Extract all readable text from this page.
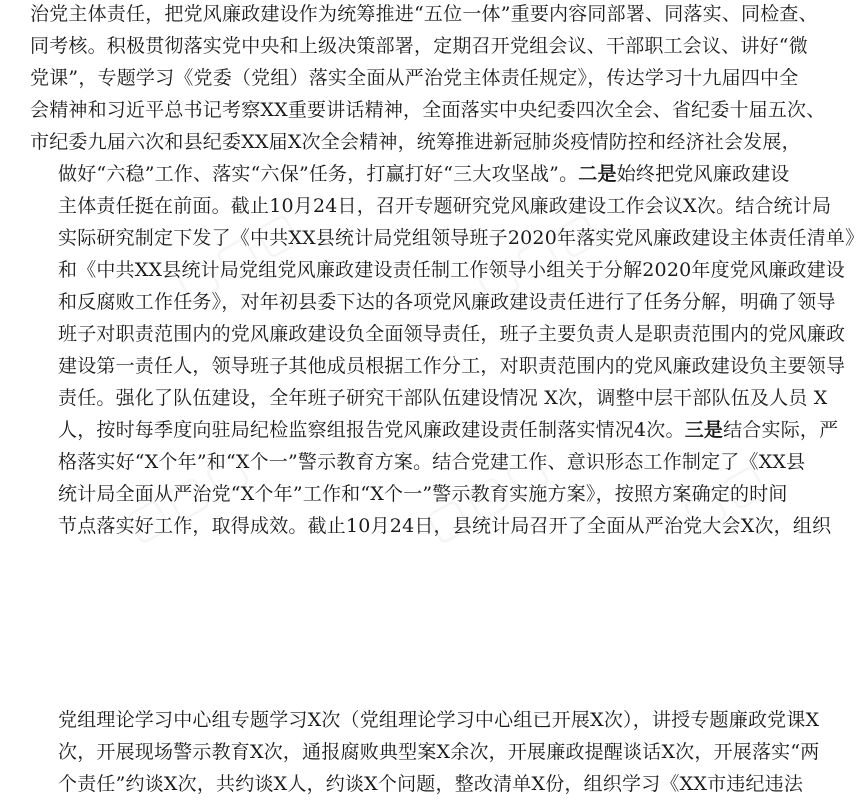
▢▢▢	▢▢▢
▢▢▢	▢▢▢	▢▢
治党主体责任，把党风廉政建设作为统筹推进“五位一体”重要内容同部署、同落实、同检查、
同考核。积极贯彻落实党中央和上级决策部署，定期召开党组会议、干部职工会议、讲好“微
党课”，专题学习《党委（党组）落实全面从严治党主体责任规定》，传达学习十九届四中全
会精神和习近平总书记考察XX重要讲话精神，全面落实中央纪委四次全会、省纪委十届五次、
市纪委九届六次和县纪委XX届X次全会精神，统筹推进新冠肺炎疫情防控和经济社会发展，
做好“六稳”工作、落实“六保”任务，打赢打好“三大攻坚战”。二是始终把党风廉政建设
主体责任挺在前面。截止10月24日，召开专题研究党风廉政建设工作会议X次。结合统计局
实际研究制定下发了《中共XX县统计局党组领导班子2020年落实党风廉政建设主体责任清单》
和《中共XX县统计局党组党风廉政建设责任制工作领导小组关于分解2020年度党风廉政建设
和反腐败工作任务》，对年初县委下达的各项党风廉政建设责任进行了任务分解，明确了领导
班子对职责范围内的党风廉政建设负全面领导责任，班子主要负责人是职责范围内的党风廉政
建设第一责任人，领导班子其他成员根据工作分工，对职责范围内的党风廉政建设负主要领导
责任。强化了队伍建设，全年班子研究干部队伍建设情况 X次，调整中层干部队伍及人员 X
人，按时每季度向驻局纪检监察组报告党风廉政建设责任制落实情况4次。三是结合实际，严
格落实好“X个年”和“X个一”警示教育方案。结合党建工作、意识形态工作制定了《XX县
统计局全面从严治党“X个年”工作和“X个一”警示教育实施方案》，按照方案确定的时间
节点落实好工作，取得成效。截止10月24日，县统计局召开了全面从严治党大会X次，组织
党组理论学习中心组专题学习X次（党组理论学习中心组已开展X次），讲授专题廉政党课X
次，开展现场警示教育X次，通报腐败典型案X余次，开展廉政提醒谈话X次，开展落实“两
个责任”约谈X次，共约谈X人，约谈X个问题，整改清单X份，组织学习《XX市违纪违法
